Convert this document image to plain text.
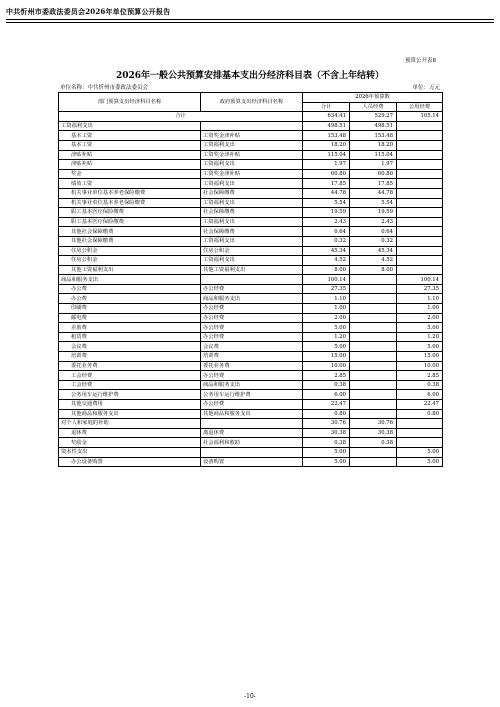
中共忻州市委政法委员会2026年单位预算公开报告
预算公开表8
2026年一般公共预算安排基本支出分经济科目表（不含上年结转）
单位名称：中共忻州市委政法委员会	单位：万元
部门预算支出经济科目名称	政府预算支出经济科目名称	2026年预算数		
		合计	人员经费	公用经费
合计		634.41	529.27	105.14
工资福利支出		498.51	498.51	
基本工资	工资奖金津补贴	153.48	153.48	
基本工资	工资福利支出	18.20	18.20	
津贴补贴	工资奖金津补贴	115.04	115.04	
津贴补贴	工资福利支出	1.97	1.97	
奖金	工资奖金津补贴	60.80	60.80	
绩效工资	工资福利支出	17.85	17.85	
机关事业单位基本养老保险缴费	社会保障缴费	44.78	44.78	
机关事业单位基本养老保险缴费	工资福利支出	5.54	5.54	
职工基本医疗保险缴费	社会保障缴费	19.59	19.59	
职工基本医疗保险缴费	工资福利支出	2.43	2.43	
其他社会保障缴费	社会保障缴费	0.64	0.64	
其他社会保障缴费	工资福利支出	0.32	0.32	
住房公积金	住房公积金	45.34	45.34	
住房公积金	工资福利支出	4.52	4.52	
其他工资福利支出	其他工资福利支出	8.00	8.00	
商品和服务支出		100.14		100.14
办公费	办公经费	27.35		27.35
办公费	商品和服务支出	1.10		1.10
印刷费	办公经费	1.00		1.00
邮电费	办公经费	2.00		2.00
差旅费	办公经费	5.00		5.00
租赁费	办公经费	1.20		1.20
会议费	会议费	5.00		5.00
培训费	培训费	15.00		15.00
委托业务费	委托业务费	10.00		10.00
工会经费	办公经费	2.85		2.85
工会经费	商品和服务支出	0.38		0.38
公务用车运行维护费	公务用车运行维护费	6.00		6.00
其他交通费用	办公经费	22.47		22.47
其他商品和服务支出	其他商品和服务支出	0.80		0.80
对个人和家庭的补助		30.76	30.76	
退休费	离退休费	30.38	30.38	
奖励金	社会福利和救助	0.38	0.38	
资本性支出		5.00		5.00
办公设备购置	设备购置	5.00		5.00
-10-
